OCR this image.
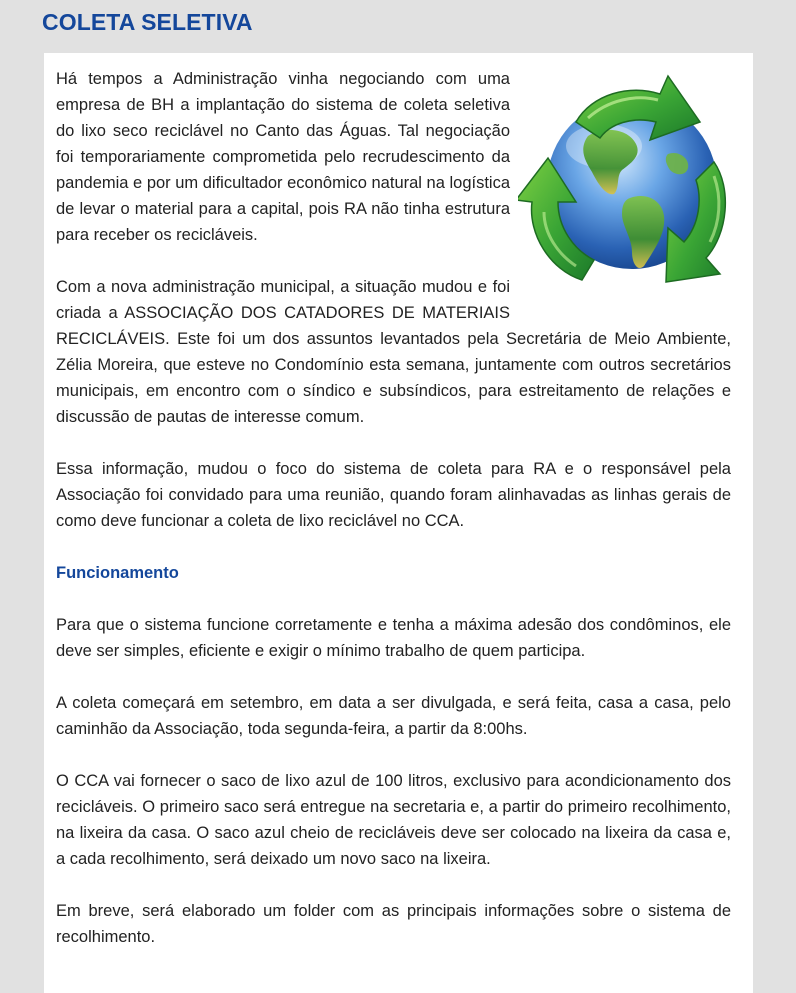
COLETA SELETIVA

Há tempos a Administração vinha negociando com uma empresa de BH a implantação do sistema de coleta seletiva do lixo seco reciclável no Canto das Águas. Tal negociação foi temporariamente comprometida pelo recrudescimento da pandemia e por um dificultador econômico natural na logística de levar o material para a capital, pois RA não tinha estrutura para receber os recicláveis.

Com a nova administração municipal, a situação mudou e foi criada a ASSOCIAÇÃO DOS CATADORES DE MATERIAIS RECICLÁVEIS. Este foi um dos assuntos levantados pela Secretária de Meio Ambiente, Zélia Moreira, que esteve no Condomínio esta semana, juntamente com outros secretários municipais, em encontro com o síndico e subsíndicos, para estreitamento de relações e discussão de pautas de interesse comum.

Essa informação, mudou o foco do sistema de coleta para RA e o responsável pela Associação foi convidado para uma reunião, quando foram alinhavadas as linhas gerais de como deve funcionar a coleta de lixo reciclável no CCA.

Funcionamento

Para que o sistema funcione corretamente e tenha a máxima adesão dos condôminos, ele deve ser simples, eficiente e exigir o mínimo trabalho de quem participa.

A coleta começará em setembro, em data a ser divulgada, e será feita, casa a casa, pelo caminhão da Associação, toda segunda-feira, a partir da 8:00hs.

O CCA vai fornecer o saco de lixo azul de 100 litros, exclusivo para acondicionamento dos recicláveis. O primeiro saco será entregue na secretaria e, a partir do primeiro recolhimento, na lixeira da casa. O saco azul cheio de recicláveis deve ser colocado na lixeira da casa e, a cada recolhimento, será deixado um novo saco na lixeira.

Em breve, será elaborado um folder com as principais informações sobre o sistema de recolhimento.
